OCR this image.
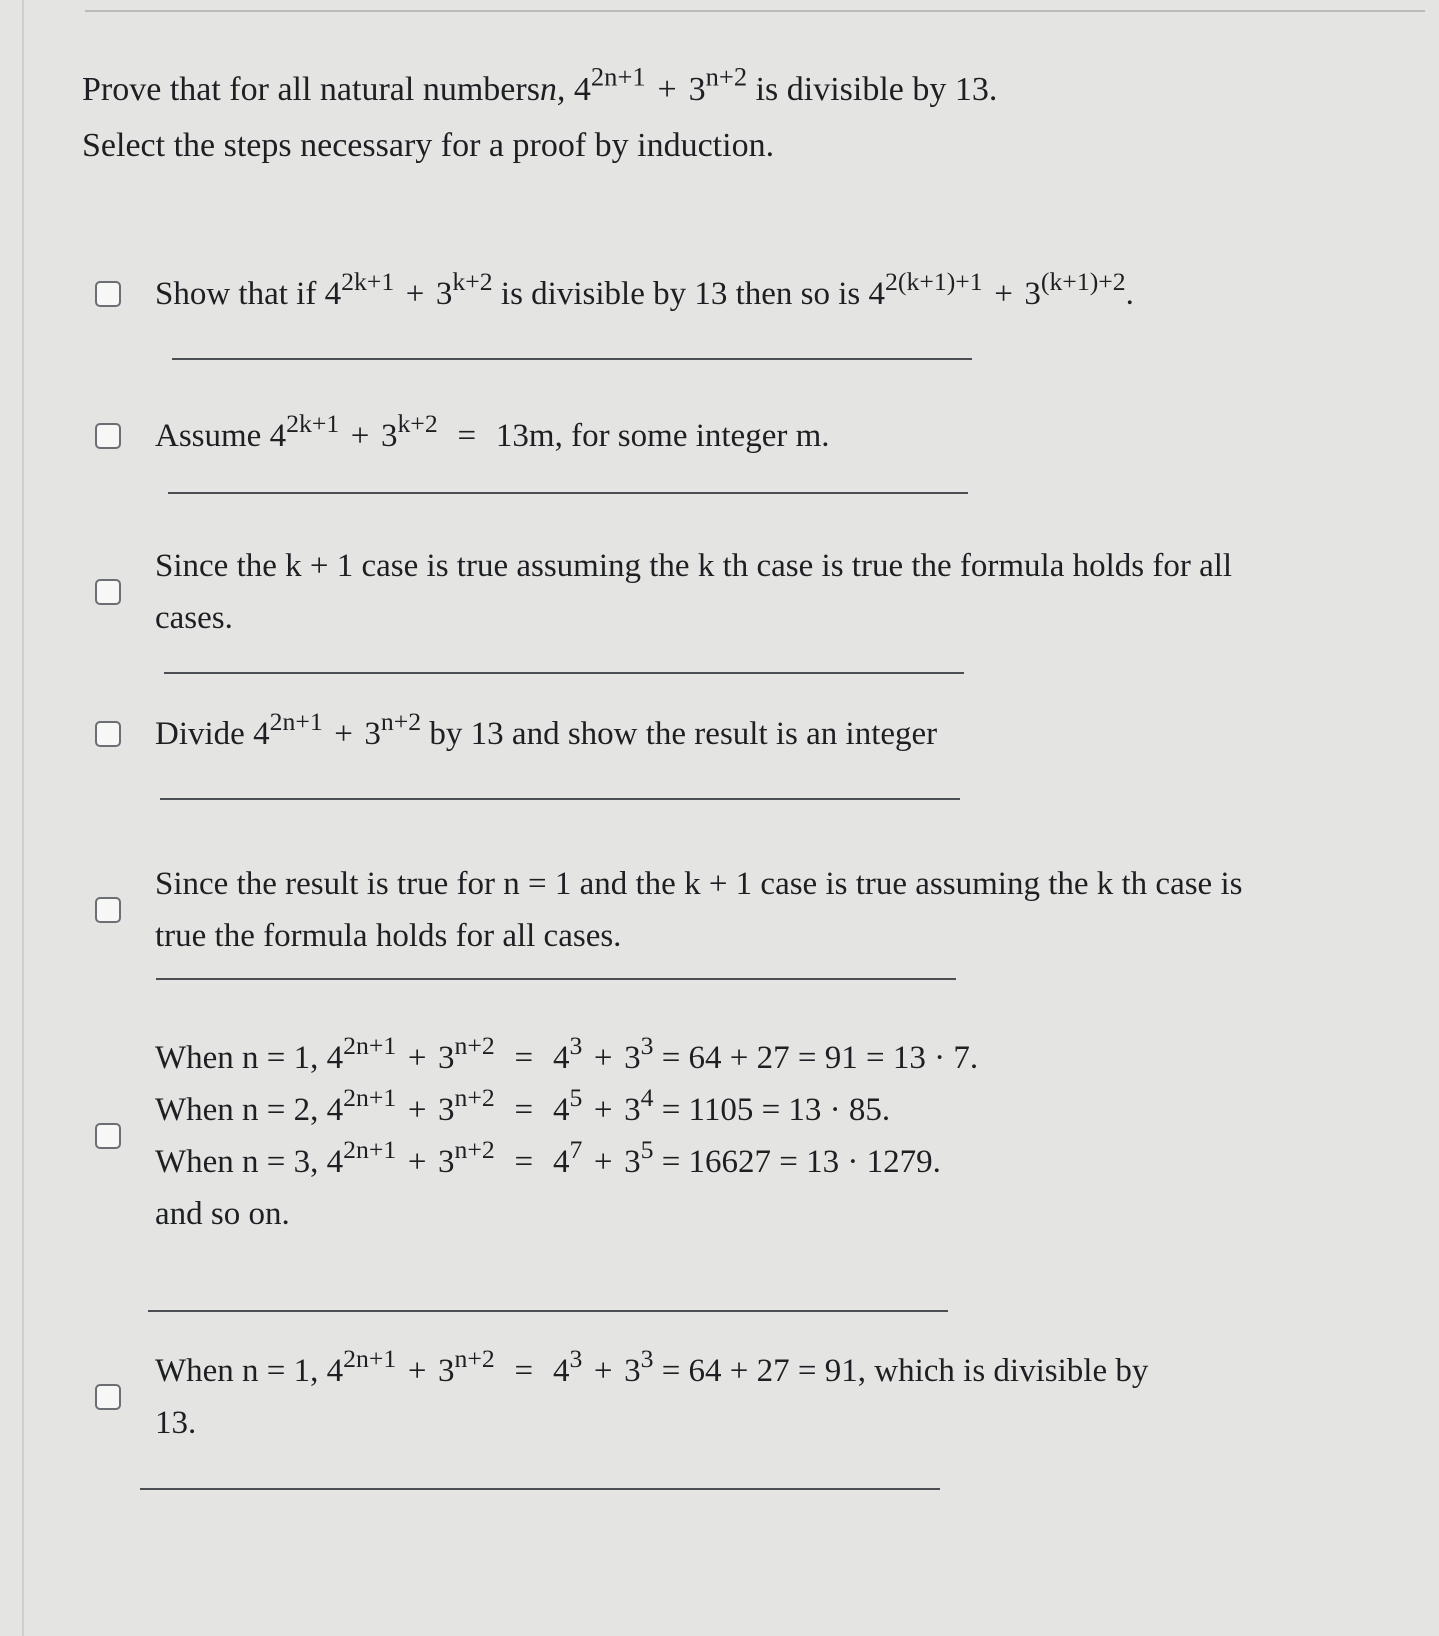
Prove that for all natural numbersn, $4^{2n+1} + 3^{n+2}$ is divisible by 13.
Select the steps necessary for a proof by induction.
Show that if $4^{2k+1} + 3^{k+2}$ is divisible by 13 then so is $4^{2(k+1)+1} + 3^{(k+1)+2}$.
Assume $4^{2k+1} + 3^{k+2} = 13m$, for some integer m.
Since the k + 1 case is true assuming the k th case is true the formula holds for all
cases.
Divide $4^{2n+1} + 3^{n+2}$ by 13 and show the result is an integer
Since the result is true for n = 1 and the k + 1 case is true assuming the k th case is
true the formula holds for all cases.
When n = 1, $4^{2n+1} + 3^{n+2} = 4^3 + 3^3 = 64 + 27 = 91 = 13 \cdot 7$.
When n = 2, $4^{2n+1} + 3^{n+2} = 4^5 + 3^4 = 1105 = 13 \cdot 85$.
When n = 3, $4^{2n+1} + 3^{n+2} = 4^7 + 3^5 = 16627 = 13 \cdot 1279$.
and so on.
When n = 1, $4^{2n+1} + 3^{n+2} = 4^3 + 3^3 = 64 + 27 = 91$, which is divisible by
13.
